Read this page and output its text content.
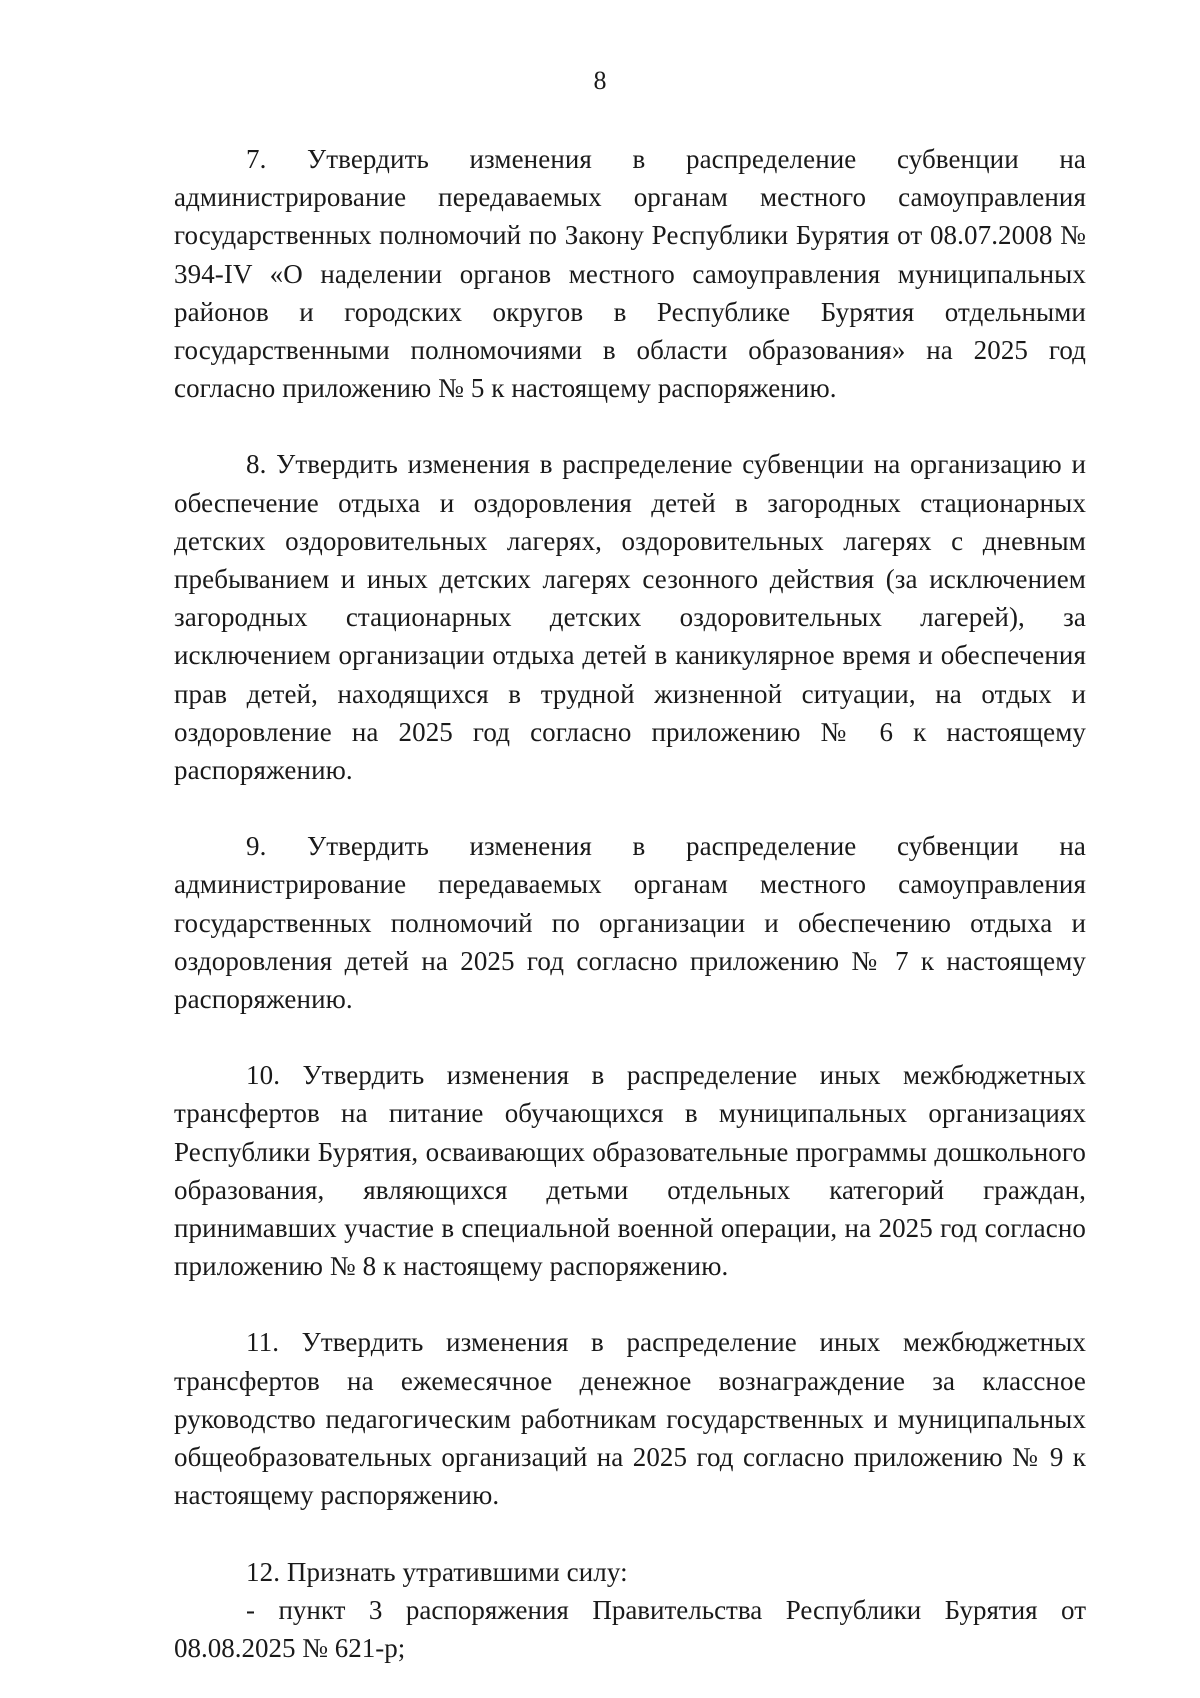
8

7. Утвердить изменения в распределение субвенции на администрирование передаваемых органам местного самоуправления государственных полномочий по Закону Республики Бурятия от 08.07.2008 № 394-IV «О наделении органов местного самоуправления муниципальных районов и городских округов в Республике Бурятия отдельными государственными полномочиями в области образования» на 2025 год согласно приложению № 5 к настоящему распоряжению.

8. Утвердить изменения в распределение субвенции на организацию и обеспечение отдыха и оздоровления детей в загородных стационарных детских оздоровительных лагерях, оздоровительных лагерях с дневным пребыванием и иных детских лагерях сезонного действия (за исключением загородных стационарных детских оздоровительных лагерей), за исключением организации отдыха детей в каникулярное время и обеспечения прав детей, находящихся в трудной жизненной ситуации, на отдых и оздоровление на 2025 год согласно приложению № 6 к настоящему распоряжению.

9. Утвердить изменения в распределение субвенции на администрирование передаваемых органам местного самоуправления государственных полномочий по организации и обеспечению отдыха и оздоровления детей на 2025 год согласно приложению № 7 к настоящему распоряжению.

10. Утвердить изменения в распределение иных межбюджетных трансфертов на питание обучающихся в муниципальных организациях Республики Бурятия, осваивающих образовательные программы дошкольного образования, являющихся детьми отдельных категорий граждан, принимавших участие в специальной военной операции, на 2025 год согласно приложению № 8 к настоящему распоряжению.

11. Утвердить изменения в распределение иных межбюджетных трансфертов на ежемесячное денежное вознаграждение за классное руководство педагогическим работникам государственных и муниципальных общеобразовательных организаций на 2025 год согласно приложению № 9 к настоящему распоряжению.

12. Признать утратившими силу:

- пункт 3 распоряжения Правительства Республики Бурятия от 08.08.2025 № 621-р;
